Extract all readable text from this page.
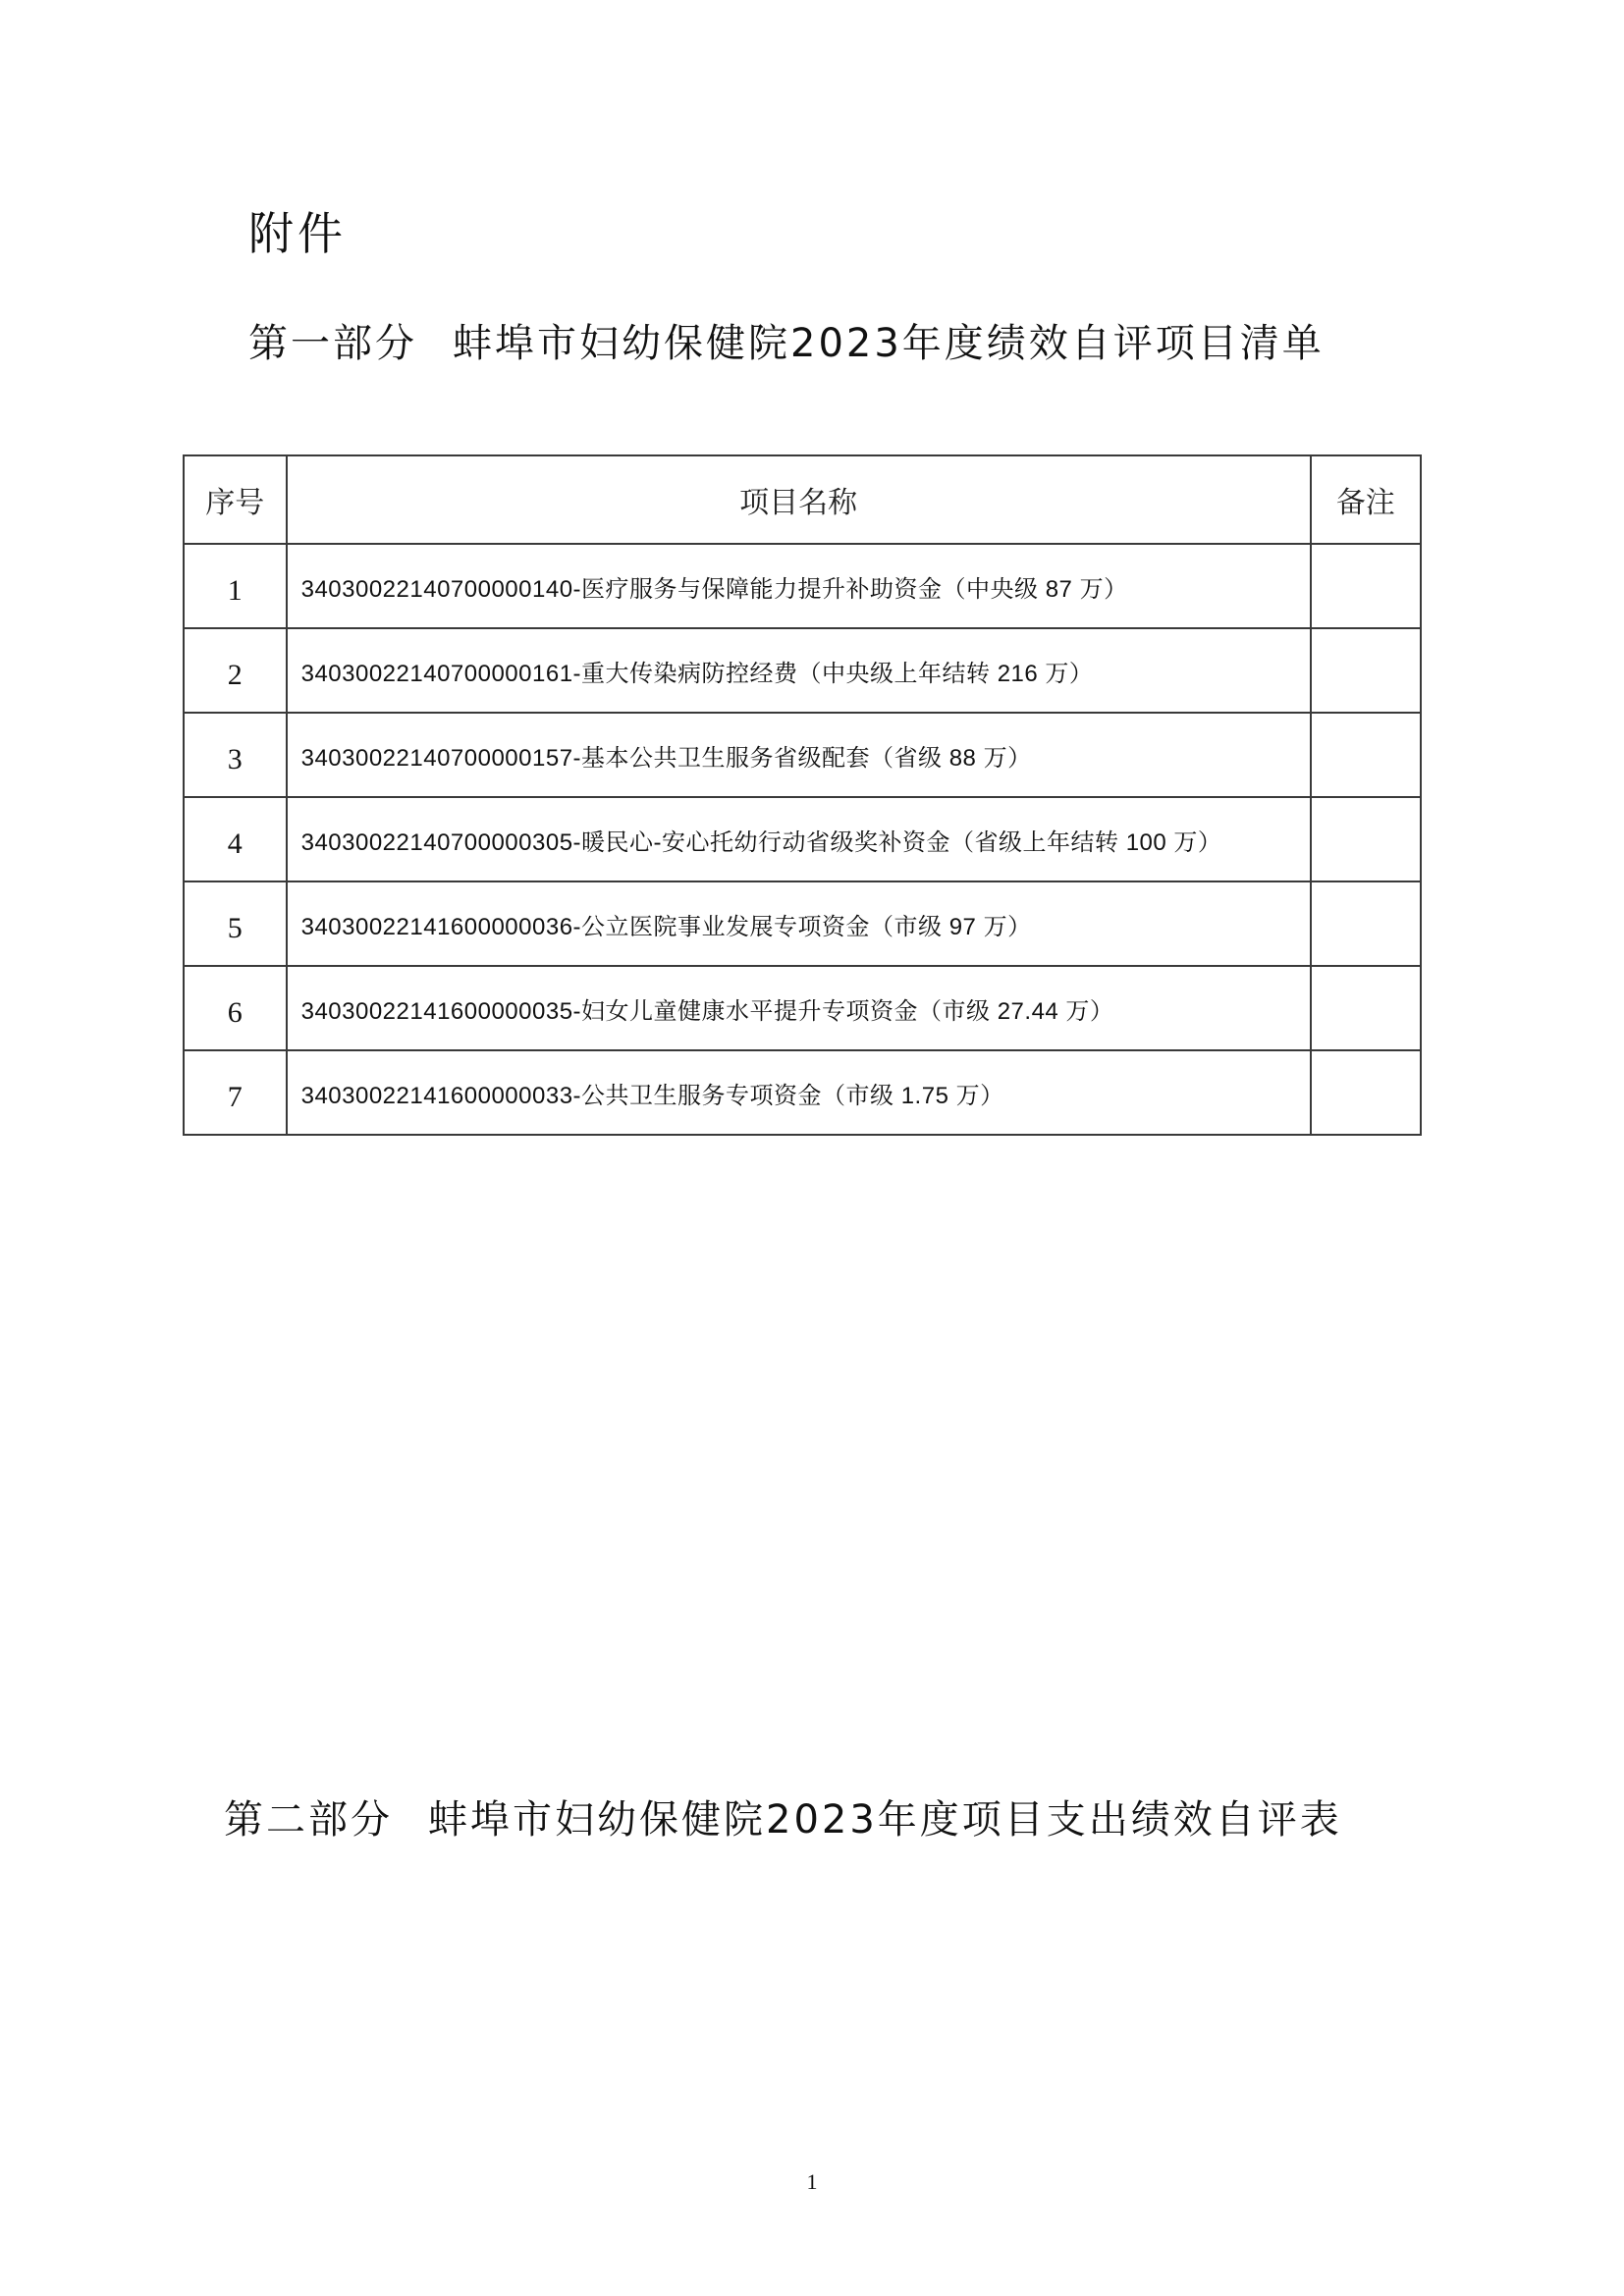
附件
第一部分 蚌埠市妇幼保健院2023年度绩效自评项目清单
序号	项目名称	备注
1	34030022140700000140-医疗服务与保障能力提升补助资金（中央级 87 万）	
2	34030022140700000161-重大传染病防控经费（中央级上年结转 216 万）	
3	34030022140700000157-基本公共卫生服务省级配套（省级 88 万）	
4	34030022140700000305-暖民心-安心托幼行动省级奖补资金（省级上年结转 100 万）	
5	34030022141600000036-公立医院事业发展专项资金（市级 97 万）	
6	34030022141600000035-妇女儿童健康水平提升专项资金（市级 27.44 万）	
7	34030022141600000033-公共卫生服务专项资金（市级 1.75 万）	
第二部分 蚌埠市妇幼保健院2023年度项目支出绩效自评表
1
